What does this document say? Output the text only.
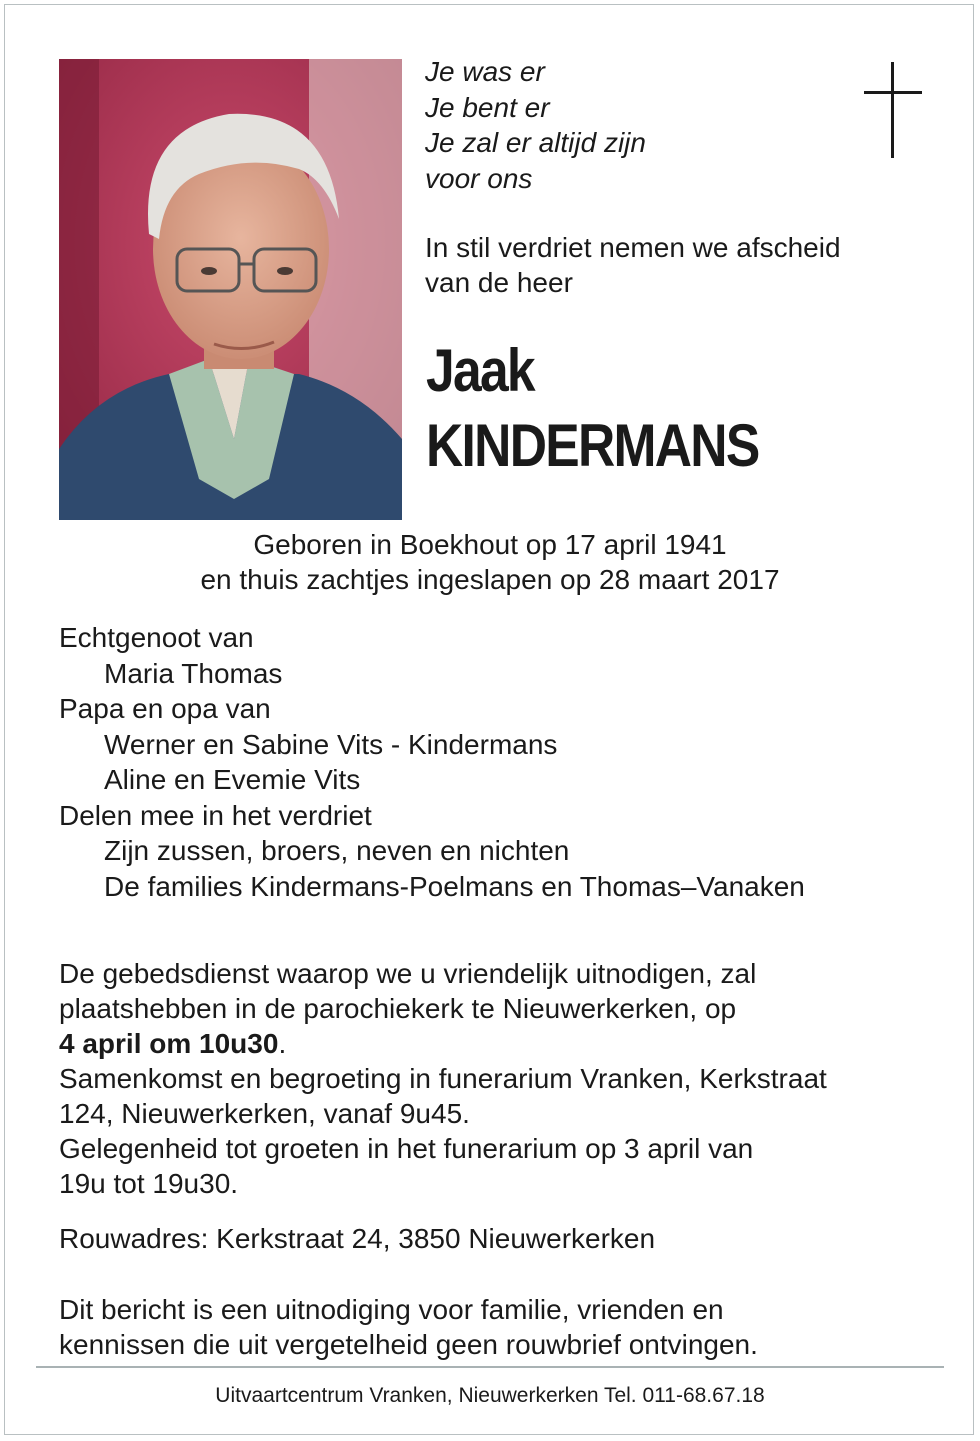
Je was er
Je bent er
Je zal er altijd zijn
voor ons
In stil verdriet nemen we afscheid
van de heer
Jaak
KINDERMANS
Geboren in Boekhout op 17 april 1941
en thuis zachtjes ingeslapen op 28 maart 2017
Echtgenoot van
Maria Thomas
Papa en opa van
Werner en Sabine Vits - Kindermans
Aline en Evemie Vits
Delen mee in het verdriet
Zijn zussen, broers, neven en nichten
De families Kindermans-Poelmans en Thomas–Vanaken
De gebedsdienst waarop we u vriendelijk uitnodigen, zal
plaatshebben in de parochiekerk te Nieuwerkerken, op
4 april om 10u30.
Samenkomst en begroeting in funerarium Vranken, Kerkstraat
124, Nieuwerkerken, vanaf 9u45.
Gelegenheid tot groeten in het funerarium op 3 april van
19u tot 19u30.
Rouwadres: Kerkstraat 24, 3850 Nieuwerkerken
Dit bericht is een uitnodiging voor familie, vrienden en
kennissen die uit vergetelheid geen rouwbrief ontvingen.
Uitvaartcentrum Vranken, Nieuwerkerken Tel. 011-68.67.18
